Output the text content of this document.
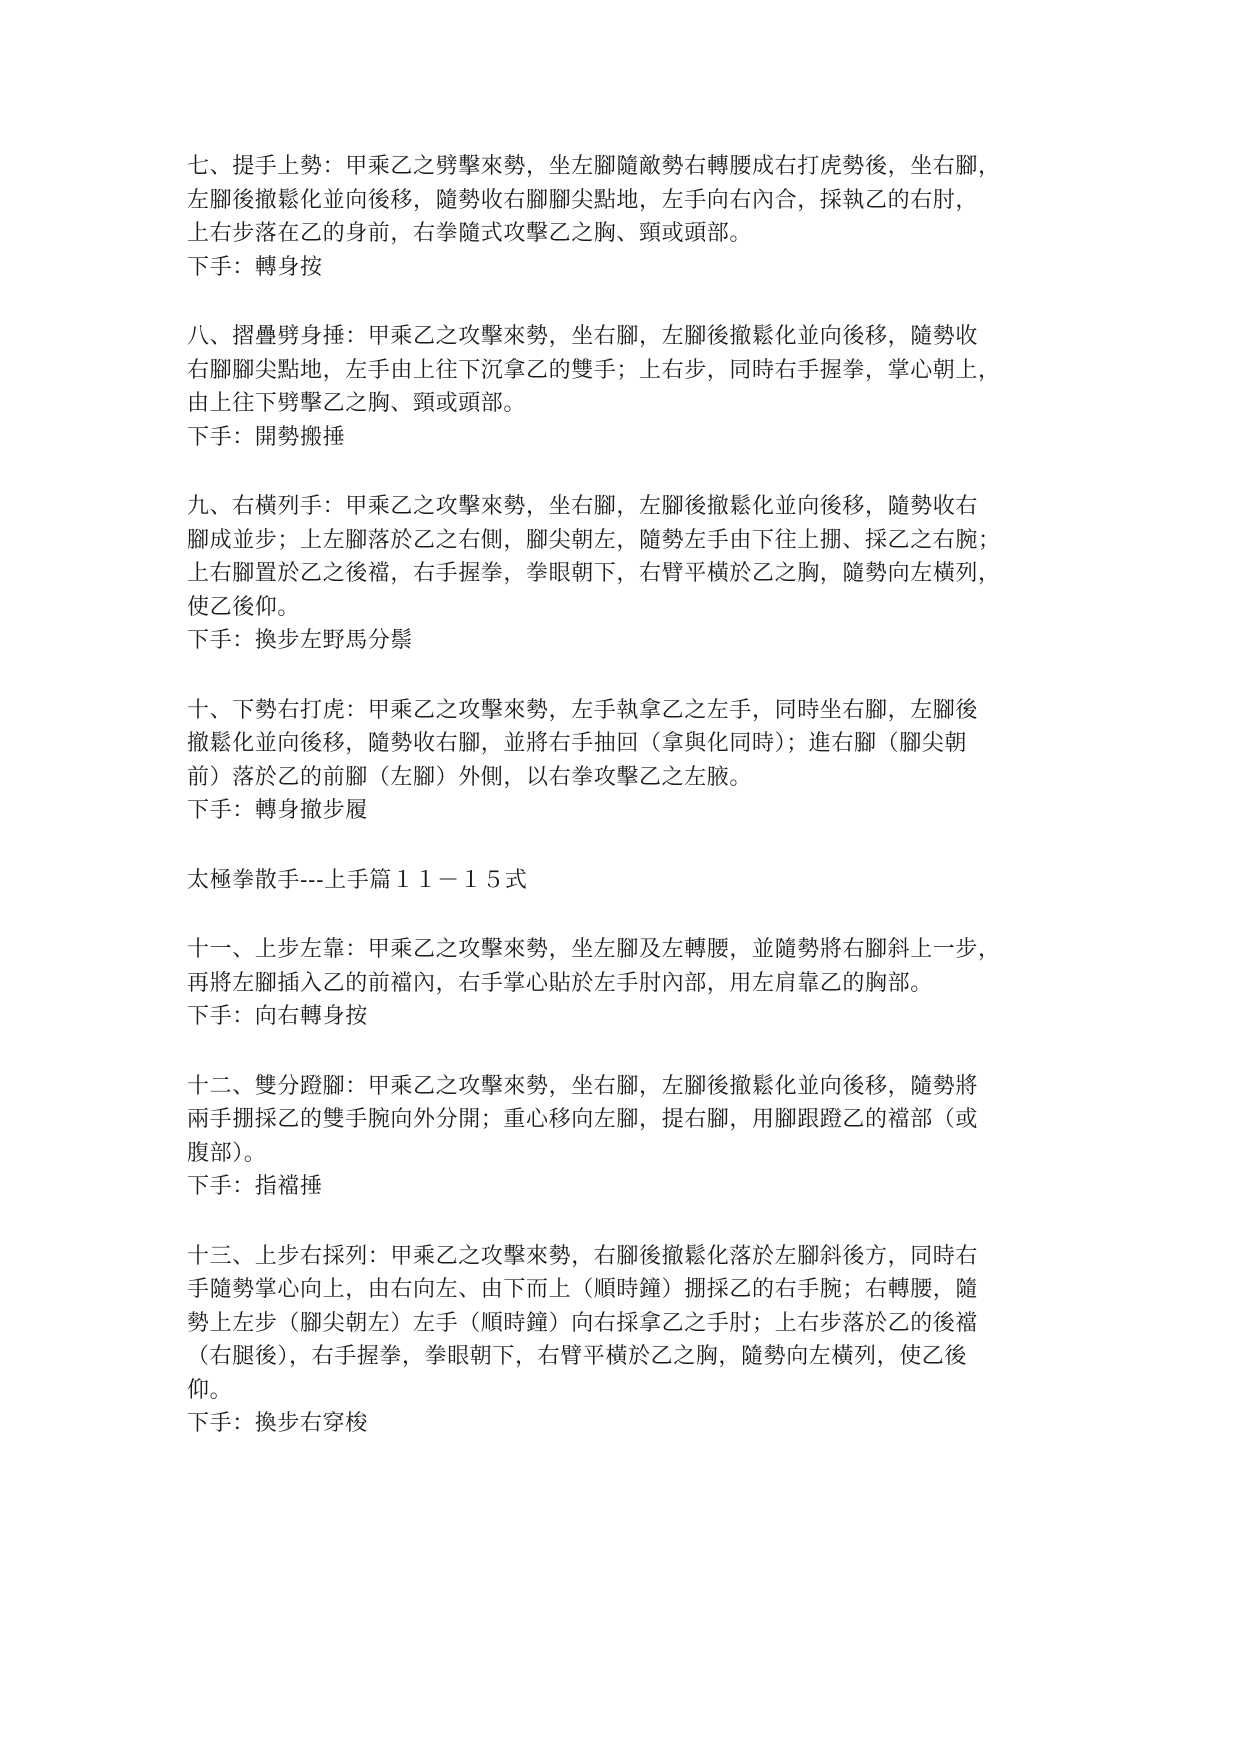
七、提手上勢：甲乘乙之劈擊來勢，坐左腳隨敵勢右轉腰成右打虎勢後，坐右腳，
左腳後撤鬆化並向後移，隨勢收右腳腳尖點地，左手向右內合，採執乙的右肘，
上右步落在乙的身前，右拳隨式攻擊乙之胸、頸或頭部。

下手：轉身按

八、摺疊劈身捶：甲乘乙之攻擊來勢，坐右腳，左腳後撤鬆化並向後移，隨勢收
右腳腳尖點地，左手由上往下沉拿乙的雙手；上右步，同時右手握拳，掌心朝上，
由上往下劈擊乙之胸、頸或頭部。

下手：開勢搬捶

九、右橫列手：甲乘乙之攻擊來勢，坐右腳，左腳後撤鬆化並向後移，隨勢收右
腳成並步；上左腳落於乙之右側，腳尖朝左，隨勢左手由下往上掤、採乙之右腕；
上右腳置於乙之後襠，右手握拳，拳眼朝下，右臂平橫於乙之胸，隨勢向左橫列，
使乙後仰。

下手：換步左野馬分鬃

十、下勢右打虎：甲乘乙之攻擊來勢，左手執拿乙之左手，同時坐右腳，左腳後
撤鬆化並向後移，隨勢收右腳，並將右手抽回（拿與化同時）；進右腳（腳尖朝
前）落於乙的前腳（左腳）外側，以右拳攻擊乙之左腋。

下手：轉身撤步履

太極拳散手---上手篇１１－１５式

十一、上步左靠：甲乘乙之攻擊來勢，坐左腳及左轉腰，並隨勢將右腳斜上一步，
再將左腳插入乙的前襠內，右手掌心貼於左手肘內部，用左肩靠乙的胸部。

下手：向右轉身按

十二、雙分蹬腳：甲乘乙之攻擊來勢，坐右腳，左腳後撤鬆化並向後移，隨勢將
兩手掤採乙的雙手腕向外分開；重心移向左腳，提右腳，用腳跟蹬乙的襠部（或
腹部）。

下手：指襠捶

十三、上步右採列：甲乘乙之攻擊來勢，右腳後撤鬆化落於左腳斜後方，同時右
手隨勢掌心向上，由右向左、由下而上（順時鐘）掤採乙的右手腕；右轉腰，隨
勢上左步（腳尖朝左）左手（順時鐘）向右採拿乙之手肘；上右步落於乙的後襠
（右腿後），右手握拳，拳眼朝下，右臂平橫於乙之胸，隨勢向左橫列，使乙後
仰。

下手：換步右穿梭
